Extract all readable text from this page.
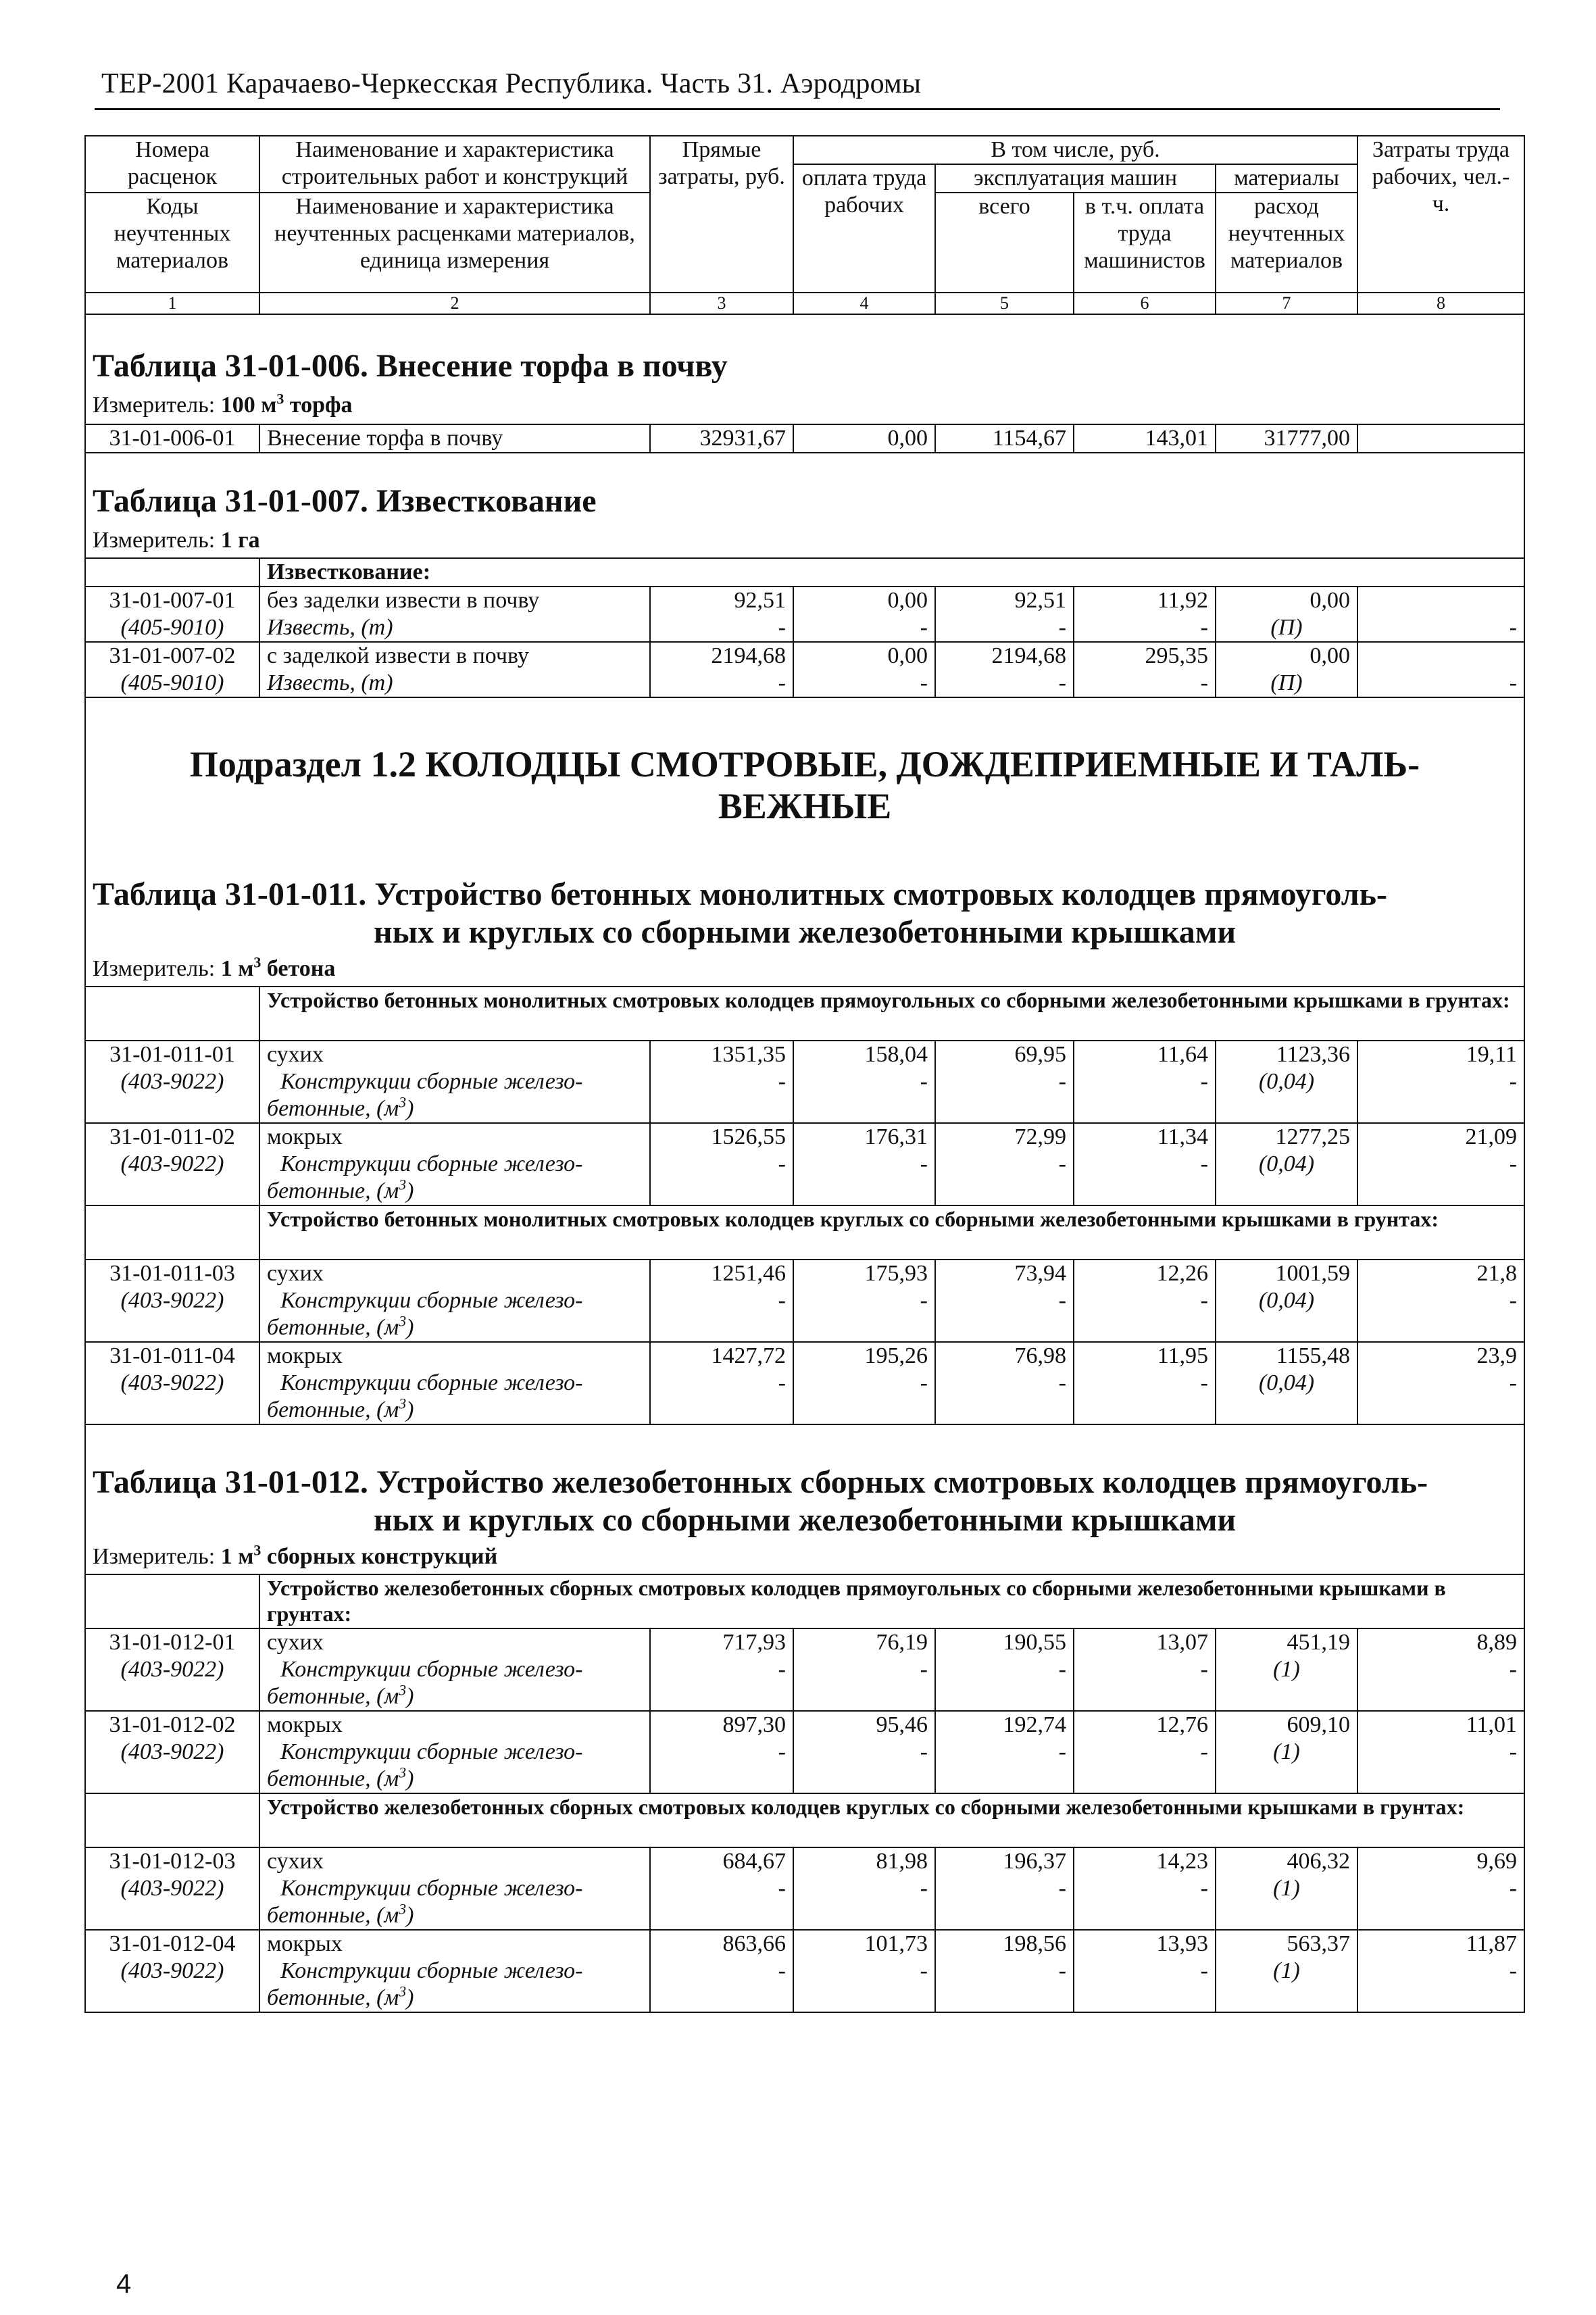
ТЕР-2001 Карачаево-Черкесская Республика. Часть 31. Аэродромы
Номера расценок	Наименование и характеристика строительных работ и конструкций	Прямые затраты, руб.	В том числе, руб.				Затраты труда рабочих, чел.-ч.
			оплата труда рабочих	эксплуатация машин		материалы	
Коды неучтенных материалов	Наименование и характеристика неучтенных расценками материалов, единица измерения			всего	в т.ч. оплата труда машинистов	расход неучтенных материалов	

1	2	3	4	5	6	7	8

Таблица 31-01-006. Внесение торфа в почву							

Измеритель: 100 $м^3$ торфа							
31-01-006-01	Внесение торфа в почву	32931,67	0,00	1154,67	143,01	31777,00	

Таблица 31-01-007. Известкование							

Измеритель: 1 га							
	Известкование:						
31-01-007-01	без заделки извести в почву	92,51	0,00	92,51	11,92	0,00	
(405-9010)	Известь, (т)	-	-	-	-	(П)	-
31-01-007-02	с заделкой извести в почву	2194,68	0,00	2194,68	295,35	0,00	
(405-9010)	Известь, (т)	-	-	-	-	(П)	-

Подраздел 1.2 КОЛОДЦЫ СМОТРОВЫЕ, ДОЖДЕПРИЕМНЫЕ И ТАЛЬ-
ВЕЖНЫЕ							

Таблица 31-01-011. Устройство бетонных монолитных смотровых колодцев прямоуголь-
ных и круглых со сборными железобетонными крышками							

Измеритель: 1 $м^3$ бетона							
	Устройство бетонных монолитных смотровых колодцев прямоугольных со сборными железобетонными крышками в грунтах:						
31-01-011-01	сухих	1351,35	158,04	69,95	11,64	1123,36	19,11
(403-9022)	Конструкции сборные железо-
бетонные, $(м^3)$	-	-	-	-	(0,04)	-
31-01-011-02	мокрых	1526,55	176,31	72,99	11,34	1277,25	21,09
(403-9022)	Конструкции сборные железо-
бетонные, $(м^3)$	-	-	-	-	(0,04)	-
	Устройство бетонных монолитных смотровых колодцев круглых со сборными железобетонными крышками в грунтах:						
31-01-011-03	сухих	1251,46	175,93	73,94	12,26	1001,59	21,8
(403-9022)	Конструкции сборные железо-
бетонные, $(м^3)$	-	-	-	-	(0,04)	-
31-01-011-04	мокрых	1427,72	195,26	76,98	11,95	1155,48	23,9
(403-9022)	Конструкции сборные железо-
бетонные, $(м^3)$	-	-	-	-	(0,04)	-

Таблица 31-01-012. Устройство железобетонных сборных смотровых колодцев прямоуголь-
ных и круглых со сборными железобетонными крышками							

Измеритель: 1 $м^3$ сборных конструкций							
	Устройство железобетонных сборных смотровых колодцев прямоугольных со сборными железобетонными крышками в грунтах:						
31-01-012-01	сухих	717,93	76,19	190,55	13,07	451,19	8,89
(403-9022)	Конструкции сборные железо-
бетонные, $(м^3)$	-	-	-	-	(1)	-
31-01-012-02	мокрых	897,30	95,46	192,74	12,76	609,10	11,01
(403-9022)	Конструкции сборные железо-
бетонные, $(м^3)$	-	-	-	-	(1)	-
	Устройство железобетонных сборных смотровых колодцев круглых со сборными железобетонными крышками в грунтах:						
31-01-012-03	сухих	684,67	81,98	196,37	14,23	406,32	9,69
(403-9022)	Конструкции сборные железо-
бетонные, $(м^3)$	-	-	-	-	(1)	-
31-01-012-04	мокрых	863,66	101,73	198,56	13,93	563,37	11,87
(403-9022)	Конструкции сборные железо-
бетонные, $(м^3)$	-	-	-	-	(1)	-
4
